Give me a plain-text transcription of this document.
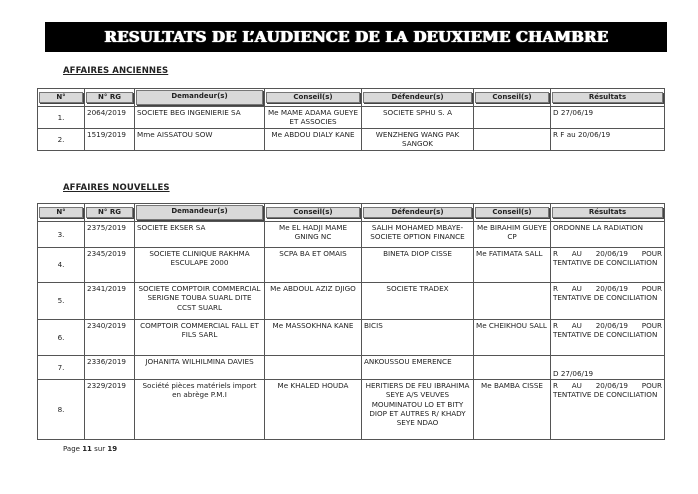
RESULTATS DE L’AUDIENCE DE LA DEUXIEME CHAMBRE
AFFAIRES ANCIENNES
N°	N° RG	Demandeur(s)	Conseil(s)	Défendeur(s)	Conseil(s)	Résultats

1.	2064/2019	SOCIETE BEG INGENIERIE SA	Me MAME ADAMA GUEYE ET ASSOCIES	SOCIETE SPHU S. A		D 27/06/19
2.	1519/2019	Mme AISSATOU SOW	Me ABDOU DIALY KANE	WENZHENG WANG PAK SANGOK		R F au 20/06/19
AFFAIRES NOUVELLES
N°	N° RG	Demandeur(s)	Conseil(s)	Défendeur(s)	Conseil(s)	Résultats

3.	2375/2019	SOCIETE EKSER SA	Me EL HADJI MAME GNING NC	SALIH MOHAMED MBAYE-SOCIETE OPTION FINANCE	Me BIRAHIM GUEYE CP	ORDONNE LA RADIATION
4.	2345/2019	SOCIETE CLINIQUE RAKHMA ESCULAPE 2000	SCPA BA ET OMAIS	BINETA DIOP CISSE	Me FATIMATA SALL	R AU 20/06/19 POUR TENTATIVE DE CONCILIATION
5.	2341/2019	SOCIETE COMPTOIR COMMERCIAL SERIGNE TOUBA SUARL DITE CCST SUARL	Me ABDOUL AZIZ DJIGO	SOCIETE TRADEX		R AU 20/06/19 POUR TENTATIVE DE CONCILIATION
6.	2340/2019	COMPTOIR COMMERCIAL FALL ET FILS SARL	Me MASSOKHNA KANE	BICIS	Me CHEIKHOU SALL	R AU 20/06/19 POUR TENTATIVE DE CONCILIATION
7.	2336/2019	JOHANITA WILHILMINA DAVIES		ANKOUSSOU EMERENCE		D 27/06/19
8.	2329/2019	Société pièces matériels import en abrège P.M.I	Me KHALED HOUDA	HERITIERS DE FEU IBRAHIMA SEYE A/S VEUVES MOUMINATOU LO ET BITY DIOP ET AUTRES R/ KHADY SEYE NDAO	Me BAMBA CISSE	R AU 20/06/19 POUR TENTATIVE DE CONCILIATION
Page 11 sur 19
